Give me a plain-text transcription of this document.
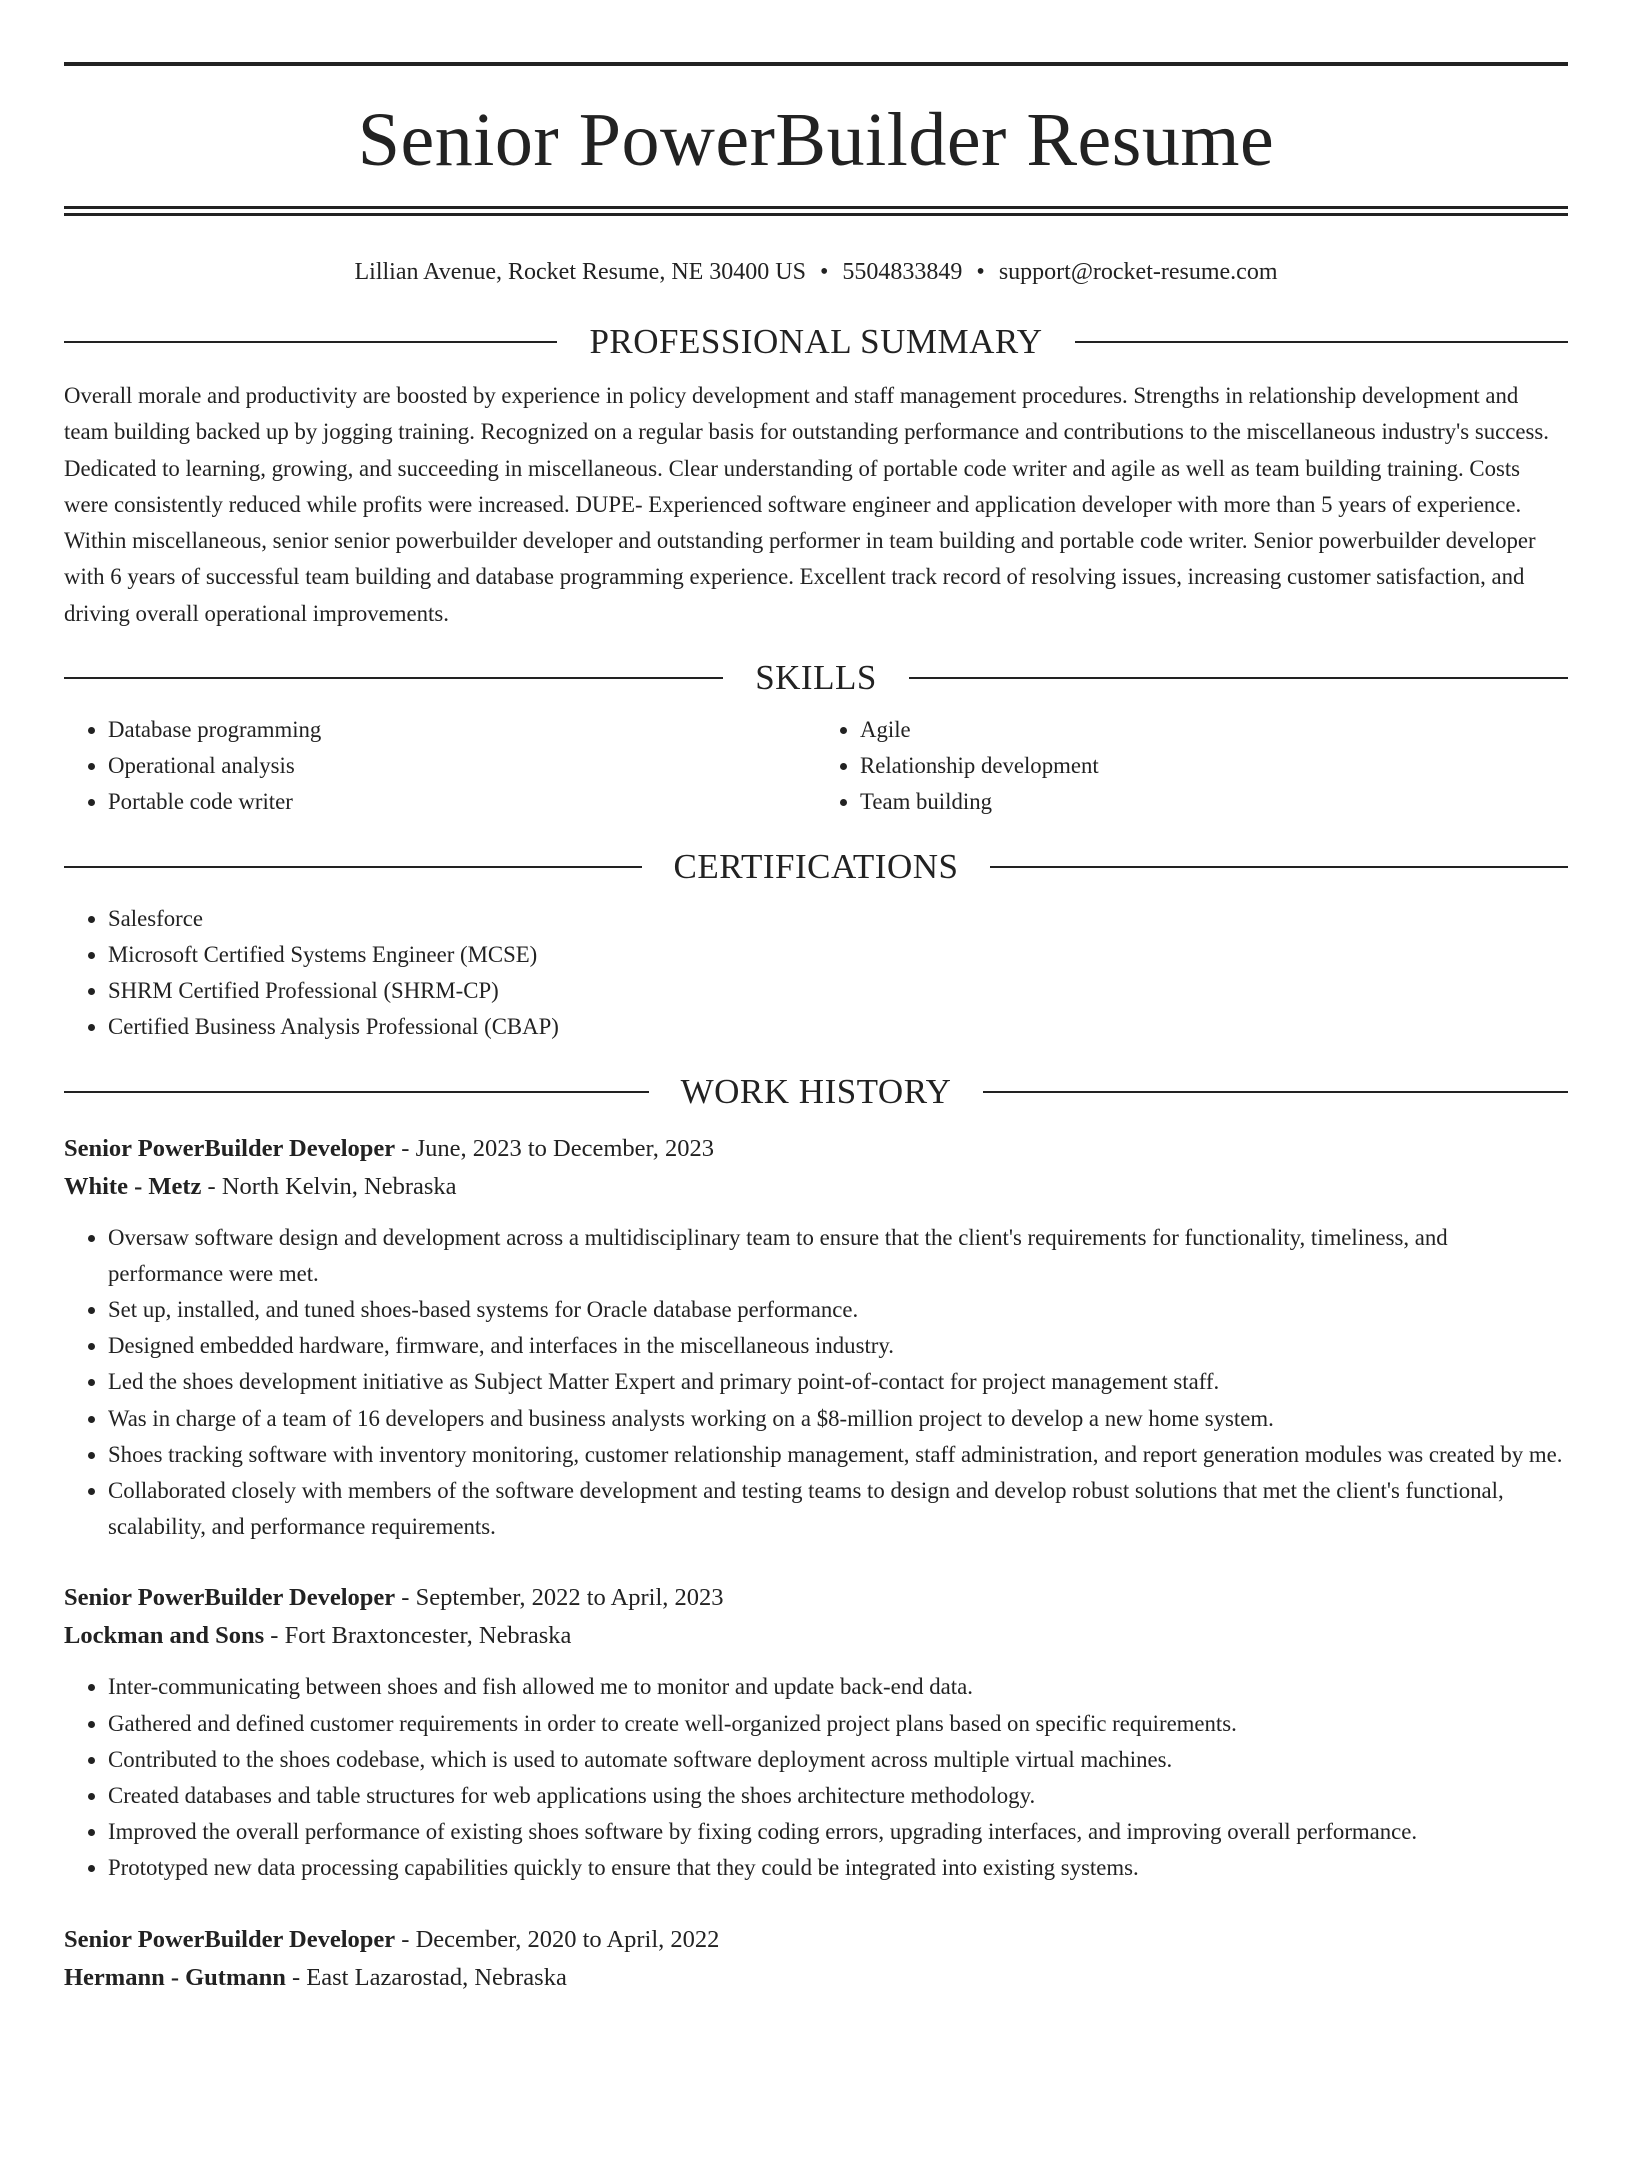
Senior PowerBuilder Resume
Lillian Avenue, Rocket Resume, NE 30400 US • 5504833849 • support@rocket-resume.com
PROFESSIONAL SUMMARY

Overall morale and productivity are boosted by experience in policy development and staff management procedures. Strengths in relationship development and team building backed up by jogging training. Recognized on a regular basis for outstanding performance and contributions to the miscellaneous industry's success. Dedicated to learning, growing, and succeeding in miscellaneous. Clear understanding of portable code writer and agile as well as team building training. Costs were consistently reduced while profits were increased. DUPE- Experienced software engineer and application developer with more than 5 years of experience. Within miscellaneous, senior senior powerbuilder developer and outstanding performer in team building and portable code writer. Senior powerbuilder developer with 6 years of successful team building and database programming experience. Excellent track record of resolving issues, increasing customer satisfaction, and driving overall operational improvements.

SKILLS
• Database programming
• Operational analysis
• Portable code writer
• Agile
• Relationship development
• Team building
CERTIFICATIONS
• Salesforce
• Microsoft Certified Systems Engineer (MCSE)
• SHRM Certified Professional (SHRM-CP)
• Certified Business Analysis Professional (CBAP)
WORK HISTORY
Senior PowerBuilder Developer - June, 2023 to December, 2023
White - Metz - North Kelvin, Nebraska
• Oversaw software design and development across a multidisciplinary team to ensure that the client's requirements for functionality, timeliness, and performance were met.
• Set up, installed, and tuned shoes-based systems for Oracle database performance.
• Designed embedded hardware, firmware, and interfaces in the miscellaneous industry.
• Led the shoes development initiative as Subject Matter Expert and primary point-of-contact for project management staff.
• Was in charge of a team of 16 developers and business analysts working on a $8-million project to develop a new home system.
• Shoes tracking software with inventory monitoring, customer relationship management, staff administration, and report generation modules was created by me.
• Collaborated closely with members of the software development and testing teams to design and develop robust solutions that met the client's functional, scalability, and performance requirements.
Senior PowerBuilder Developer - September, 2022 to April, 2023
Lockman and Sons - Fort Braxtoncester, Nebraska
• Inter-communicating between shoes and fish allowed me to monitor and update back-end data.
• Gathered and defined customer requirements in order to create well-organized project plans based on specific requirements.
• Contributed to the shoes codebase, which is used to automate software deployment across multiple virtual machines.
• Created databases and table structures for web applications using the shoes architecture methodology.
• Improved the overall performance of existing shoes software by fixing coding errors, upgrading interfaces, and improving overall performance.
• Prototyped new data processing capabilities quickly to ensure that they could be integrated into existing systems.
Senior PowerBuilder Developer - December, 2020 to April, 2022
Hermann - Gutmann - East Lazarostad, Nebraska
